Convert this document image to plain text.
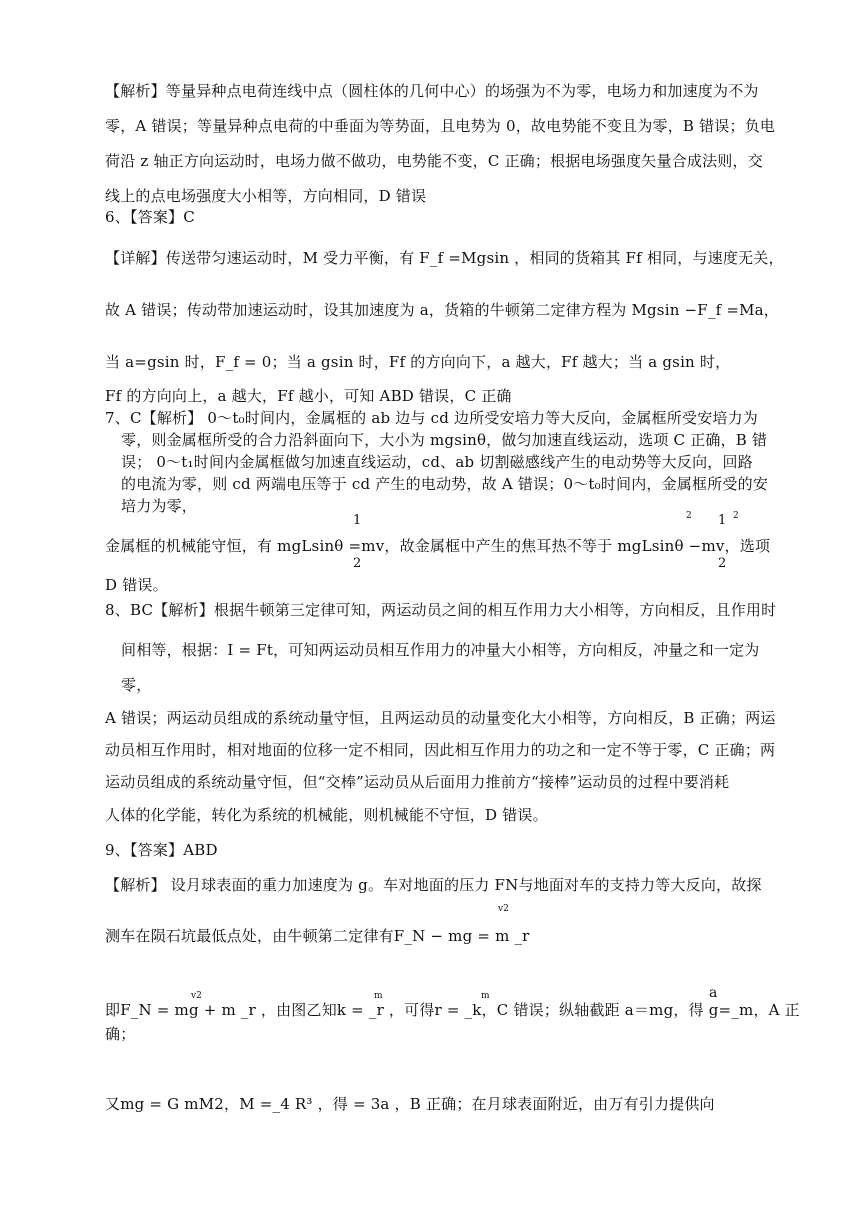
【解析】等量异种点电荷连线中点（圆柱体的几何中心）的场强为不为零，电场力和加速度为不为
零，A 错误；等量异种点电荷的中垂面为等势面，且电势为 0，故电势能不变且为零，B 错误；负电
荷沿 z 轴正方向运动时，电场力做不做功，电势能不变，C 正确；根据电场强度矢量合成法则，交
线上的点电场强度大小相等，方向相同，D 错误
6、【答案】C
【详解】传送带匀速运动时，M 受力平衡，有 F_f =Mgsin ，相同的货箱其 Ff 相同，与速度无关，
故 A 错误；传动带加速运动时，设其加速度为 a，货箱的牛顿第二定律方程为 Mgsin −F_f =Ma，
当 a=gsin 时，F_f = 0；当 a gsin 时，Ff 的方向向下，a 越大，Ff 越大；当 a gsin 时，
Ff 的方向向上，a 越大，Ff 越小，可知 ABD 错误，C 正确
7、C【解析】 0～t₀时间内，金属框的 ab 边与 cd 边所受安培力等大反向，金属框所受安培力为
零，则金属框所受的合力沿斜面向下，大小为 mgsinθ，做匀加速直线运动，选项 C 正确，B 错
误； 0～t₁时间内金属框做匀加速直线运动，cd、ab 切割磁感线产生的电动势等大反向，回路
的电流为零，则 cd 两端电压等于 cd 产生的电动势，故 A 错误；0～t₀时间内，金属框所受的安
培力为零，
1	2 1 2
金属框的机械能守恒，有 mgLsinθ =mv，故金属框中产生的焦耳热不等于 mgLsinθ −mv，选项
2	2
D 错误。
8、BC【解析】根据牛顿第三定律可知，两运动员之间的相互作用力大小相等，方向相反，且作用时
间相等，根据：I = Ft，可知两运动员相互作用力的冲量大小相等，方向相反，冲量之和一定为
零，
A 错误；两运动员组成的系统动量守恒，且两运动员的动量变化大小相等，方向相反，B 正确；两运
动员相互作用时，相对地面的位移一定不相同，因此相互作用力的功之和一定不等于零，C 正确；两
运动员组成的系统动量守恒，但“交棒”运动员从后面用力推前方“接棒”运动员的过程中要消耗
人体的化学能，转化为系统的机械能，则机械能不守恒，D 错误。
9、【答案】ABD
【解析】 设月球表面的重力加速度为 g。车对地面的压力 FN与地面对车的支持力等大反向，故探
v2
测车在陨石坑最低点处，由牛顿第二定律有F_N − mg = m _r
v2	m	m	a
即F_N = mg + m _r ，由图乙知k = _r ，可得r = _k，C 错误；纵轴截距 a＝mg，得 g=_m，A 正
确；
又mg = G mM2，M =_4 R³ ，得 = 3a ，B 正确；在月球表面附近，由万有引力提供向
